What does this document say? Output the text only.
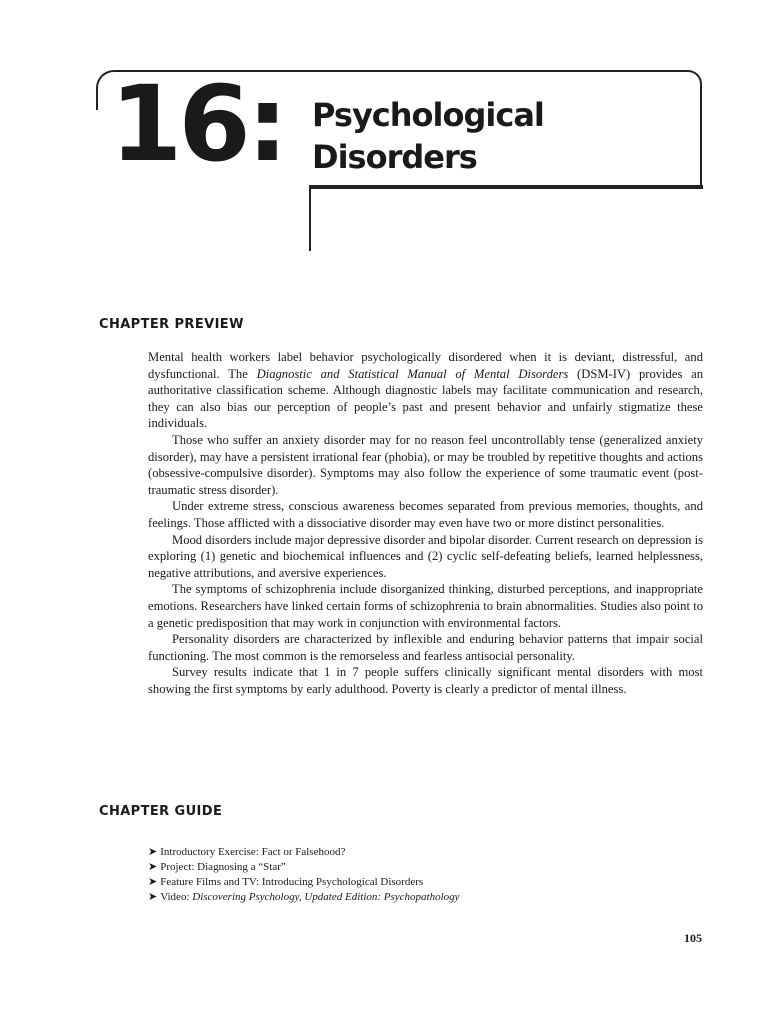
16: Psychological
Disorders
CHAPTER PREVIEW

Mental health workers label behavior psychologically disordered when it is deviant, distressful, and dysfunctional. The Diagnostic and Statistical Manual of Mental Disorders (DSM-IV) provides an authoritative classification scheme. Although diagnostic labels may facilitate communication and research, they can also bias our perception of people’s past and present behavior and unfairly stigmatize these individuals.

Those who suffer an anxiety disorder may for no reason feel uncontrollably tense (generalized anxiety disorder), may have a persistent irrational fear (phobia), or may be troubled by repetitive thoughts and actions (obsessive-compulsive disorder). Symptoms may also follow the experience of some traumatic event (post-traumatic stress disorder).

Under extreme stress, conscious awareness becomes separated from previous memories, thoughts, and feelings. Those afflicted with a dissociative disorder may even have two or more distinct personalities.

Mood disorders include major depressive disorder and bipolar disorder. Current research on depression is exploring (1) genetic and biochemical influences and (2) cyclic self-defeating beliefs, learned helplessness, negative attributions, and aversive experiences.

The symptoms of schizophrenia include disorganized thinking, disturbed perceptions, and inappropriate emotions. Researchers have linked certain forms of schizophrenia to brain abnormalities. Studies also point to a genetic predisposition that may work in conjunction with environmental factors.

Personality disorders are characterized by inflexible and enduring behavior patterns that impair social functioning. The most common is the remorseless and fearless antisocial personality.

Survey results indicate that 1 in 7 people suffers clinically significant mental disorders with most showing the first symptoms by early adulthood. Poverty is clearly a predictor of mental illness.

CHAPTER GUIDE
➤ Introductory Exercise: Fact or Falsehood?
➤ Project: Diagnosing a “Star”
➤ Feature Films and TV: Introducing Psychological Disorders
➤ Video: Discovering Psychology, Updated Edition: Psychopathology
105
